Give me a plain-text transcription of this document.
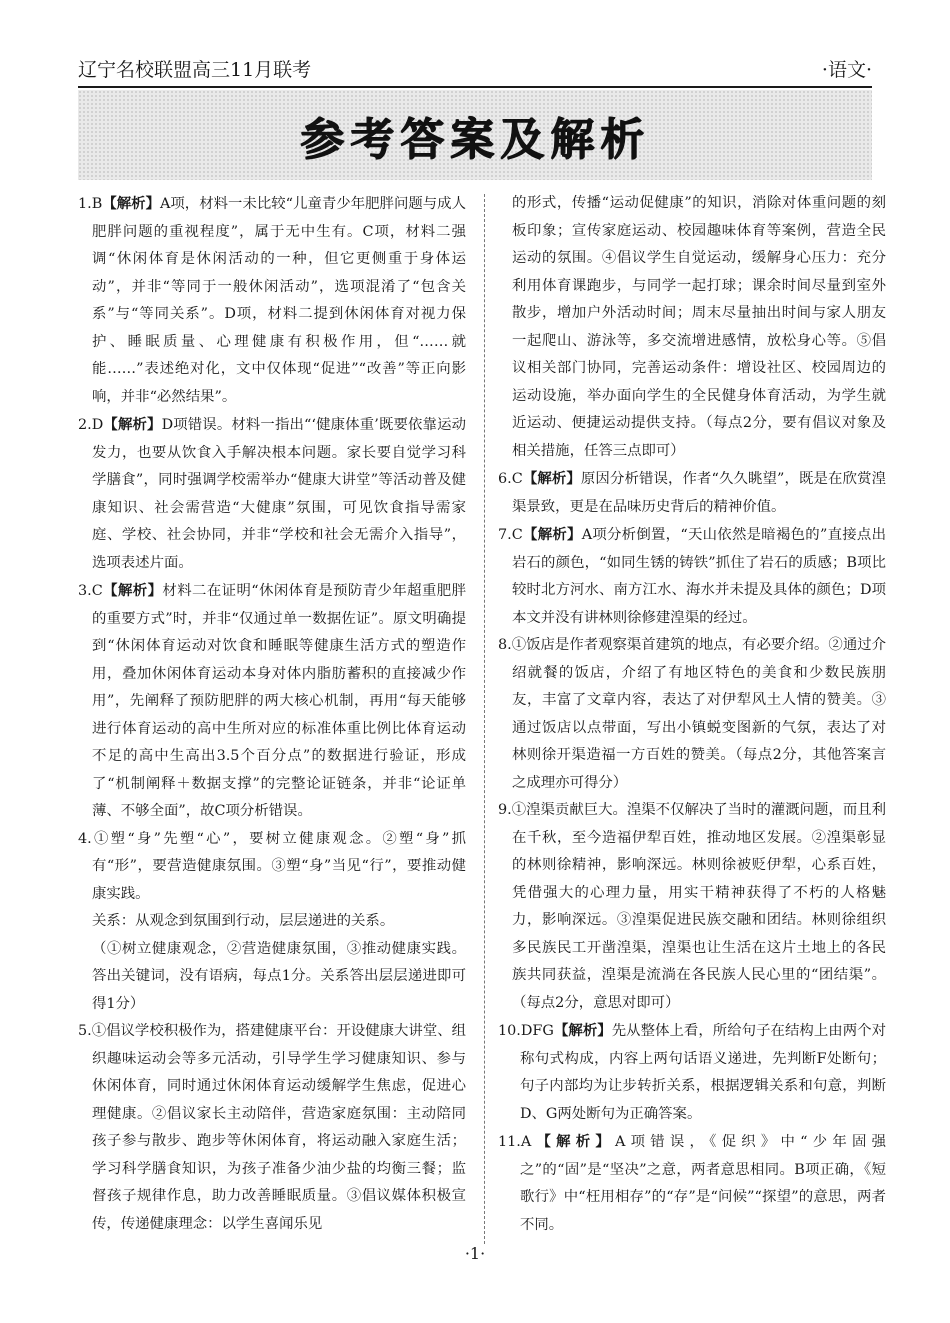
辽宁名校联盟高三11月联考	·语文·
参考答案及解析
1.B【解析】A项，材料一未比较“儿童青少年肥胖问题与成人肥胖问题的重视程度”，属于无中生有。C项，材料二强调“休闲体育是休闲活动的一种，但它更侧重于身体运动”，并非“等同于一般休闲活动”，选项混淆了“包含关系”与“等同关系”。D项，材料二提到休闲体育对视力保护、睡眠质量、心理健康有积极作用，但“……就能……”表述绝对化，文中仅体现“促进”“改善”等正向影响，并非“必然结果”。
2.D【解析】D项错误。材料一指出“‘健康体重’既要依靠运动发力，也要从饮食入手解决根本问题。家长要自觉学习科学膳食”，同时强调学校需举办“健康大讲堂”等活动普及健康知识、社会需营造“大健康”氛围，可见饮食指导需家庭、学校、社会协同，并非“学校和社会无需介入指导”，选项表述片面。
3.C【解析】材料二在证明“休闲体育是预防青少年超重肥胖的重要方式”时，并非“仅通过单一数据佐证”。原文明确提到“休闲体育运动对饮食和睡眠等健康生活方式的塑造作用，叠加休闲体育运动本身对体内脂肪蓄积的直接减少作用”，先阐释了预防肥胖的两大核心机制，再用“每天能够进行体育运动的高中生所对应的标准体重比例比体育运动不足的高中生高出3.5个百分点”的数据进行验证，形成了“机制阐释＋数据支撑”的完整论证链条，并非“论证单薄、不够全面”，故C项分析错误。
4.①塑“身”先塑“心”，要树立健康观念。②塑“身”抓有“形”，要营造健康氛围。③塑“身”当见“行”，要推动健康实践。
关系：从观念到氛围到行动，层层递进的关系。
（①树立健康观念，②营造健康氛围，③推动健康实践。答出关键词，没有语病，每点1分。关系答出层层递进即可得1分）
5.①倡议学校积极作为，搭建健康平台：开设健康大讲堂、组织趣味运动会等多元活动，引导学生学习健康知识、参与休闲体育，同时通过休闲体育运动缓解学生焦虑，促进心理健康。②倡议家长主动陪伴，营造家庭氛围：主动陪同孩子参与散步、跑步等休闲体育，将运动融入家庭生活；学习科学膳食知识，为孩子准备少油少盐的均衡三餐；监督孩子规律作息，助力改善睡眠质量。③倡议媒体积极宣传，传递健康理念：以学生喜闻乐见
的形式，传播“运动促健康”的知识，消除对体重问题的刻板印象；宣传家庭运动、校园趣味体育等案例，营造全民运动的氛围。④倡议学生自觉运动，缓解身心压力：充分利用体育课跑步，与同学一起打球；课余时间尽量到室外散步，增加户外活动时间；周末尽量抽出时间与家人朋友一起爬山、游泳等，多交流增进感情，放松身心等。⑤倡议相关部门协同，完善运动条件：增设社区、校园周边的运动设施，举办面向学生的全民健身体育活动，为学生就近运动、便捷运动提供支持。（每点2分，要有倡议对象及相关措施，任答三点即可）
6.C【解析】原因分析错误，作者“久久眺望”，既是在欣赏湟渠景致，更是在品味历史背后的精神价值。
7.C【解析】A项分析倒置，“天山依然是暗褐色的”直接点出岩石的颜色，“如同生锈的铸铁”抓住了岩石的质感；B项比较时北方河水、南方江水、海水并未提及具体的颜色；D项本文并没有讲林则徐修建湟渠的经过。
8.①饭店是作者观察渠首建筑的地点，有必要介绍。②通过介绍就餐的饭店，介绍了有地区特色的美食和少数民族朋友，丰富了文章内容，表达了对伊犁风土人情的赞美。③通过饭店以点带面，写出小镇蜕变图新的气氛，表达了对林则徐开渠造福一方百姓的赞美。（每点2分，其他答案言之成理亦可得分）
9.①湟渠贡献巨大。湟渠不仅解决了当时的灌溉问题，而且利在千秋，至今造福伊犁百姓，推动地区发展。②湟渠彰显的林则徐精神，影响深远。林则徐被贬伊犁，心系百姓，凭借强大的心理力量，用实干精神获得了不朽的人格魅力，影响深远。③湟渠促进民族交融和团结。林则徐组织多民族民工开凿湟渠，湟渠也让生活在这片土地上的各民族共同获益，湟渠是流淌在各民族人民心里的“团结渠”。（每点2分，意思对即可）
10.DFG【解析】先从整体上看，所给句子在结构上由两个对称句式构成，内容上两句话语义递进，先判断F处断句；句子内部均为让步转折关系，根据逻辑关系和句意，判断D、G两处断句为正确答案。
11.A【解析】A项错误，《促织》中“少年固强之”的“固”是“坚决”之意，两者意思相同。B项正确，《短歌行》中“枉用相存”的“存”是“问候”“探望”的意思，两者不同。
·1·
